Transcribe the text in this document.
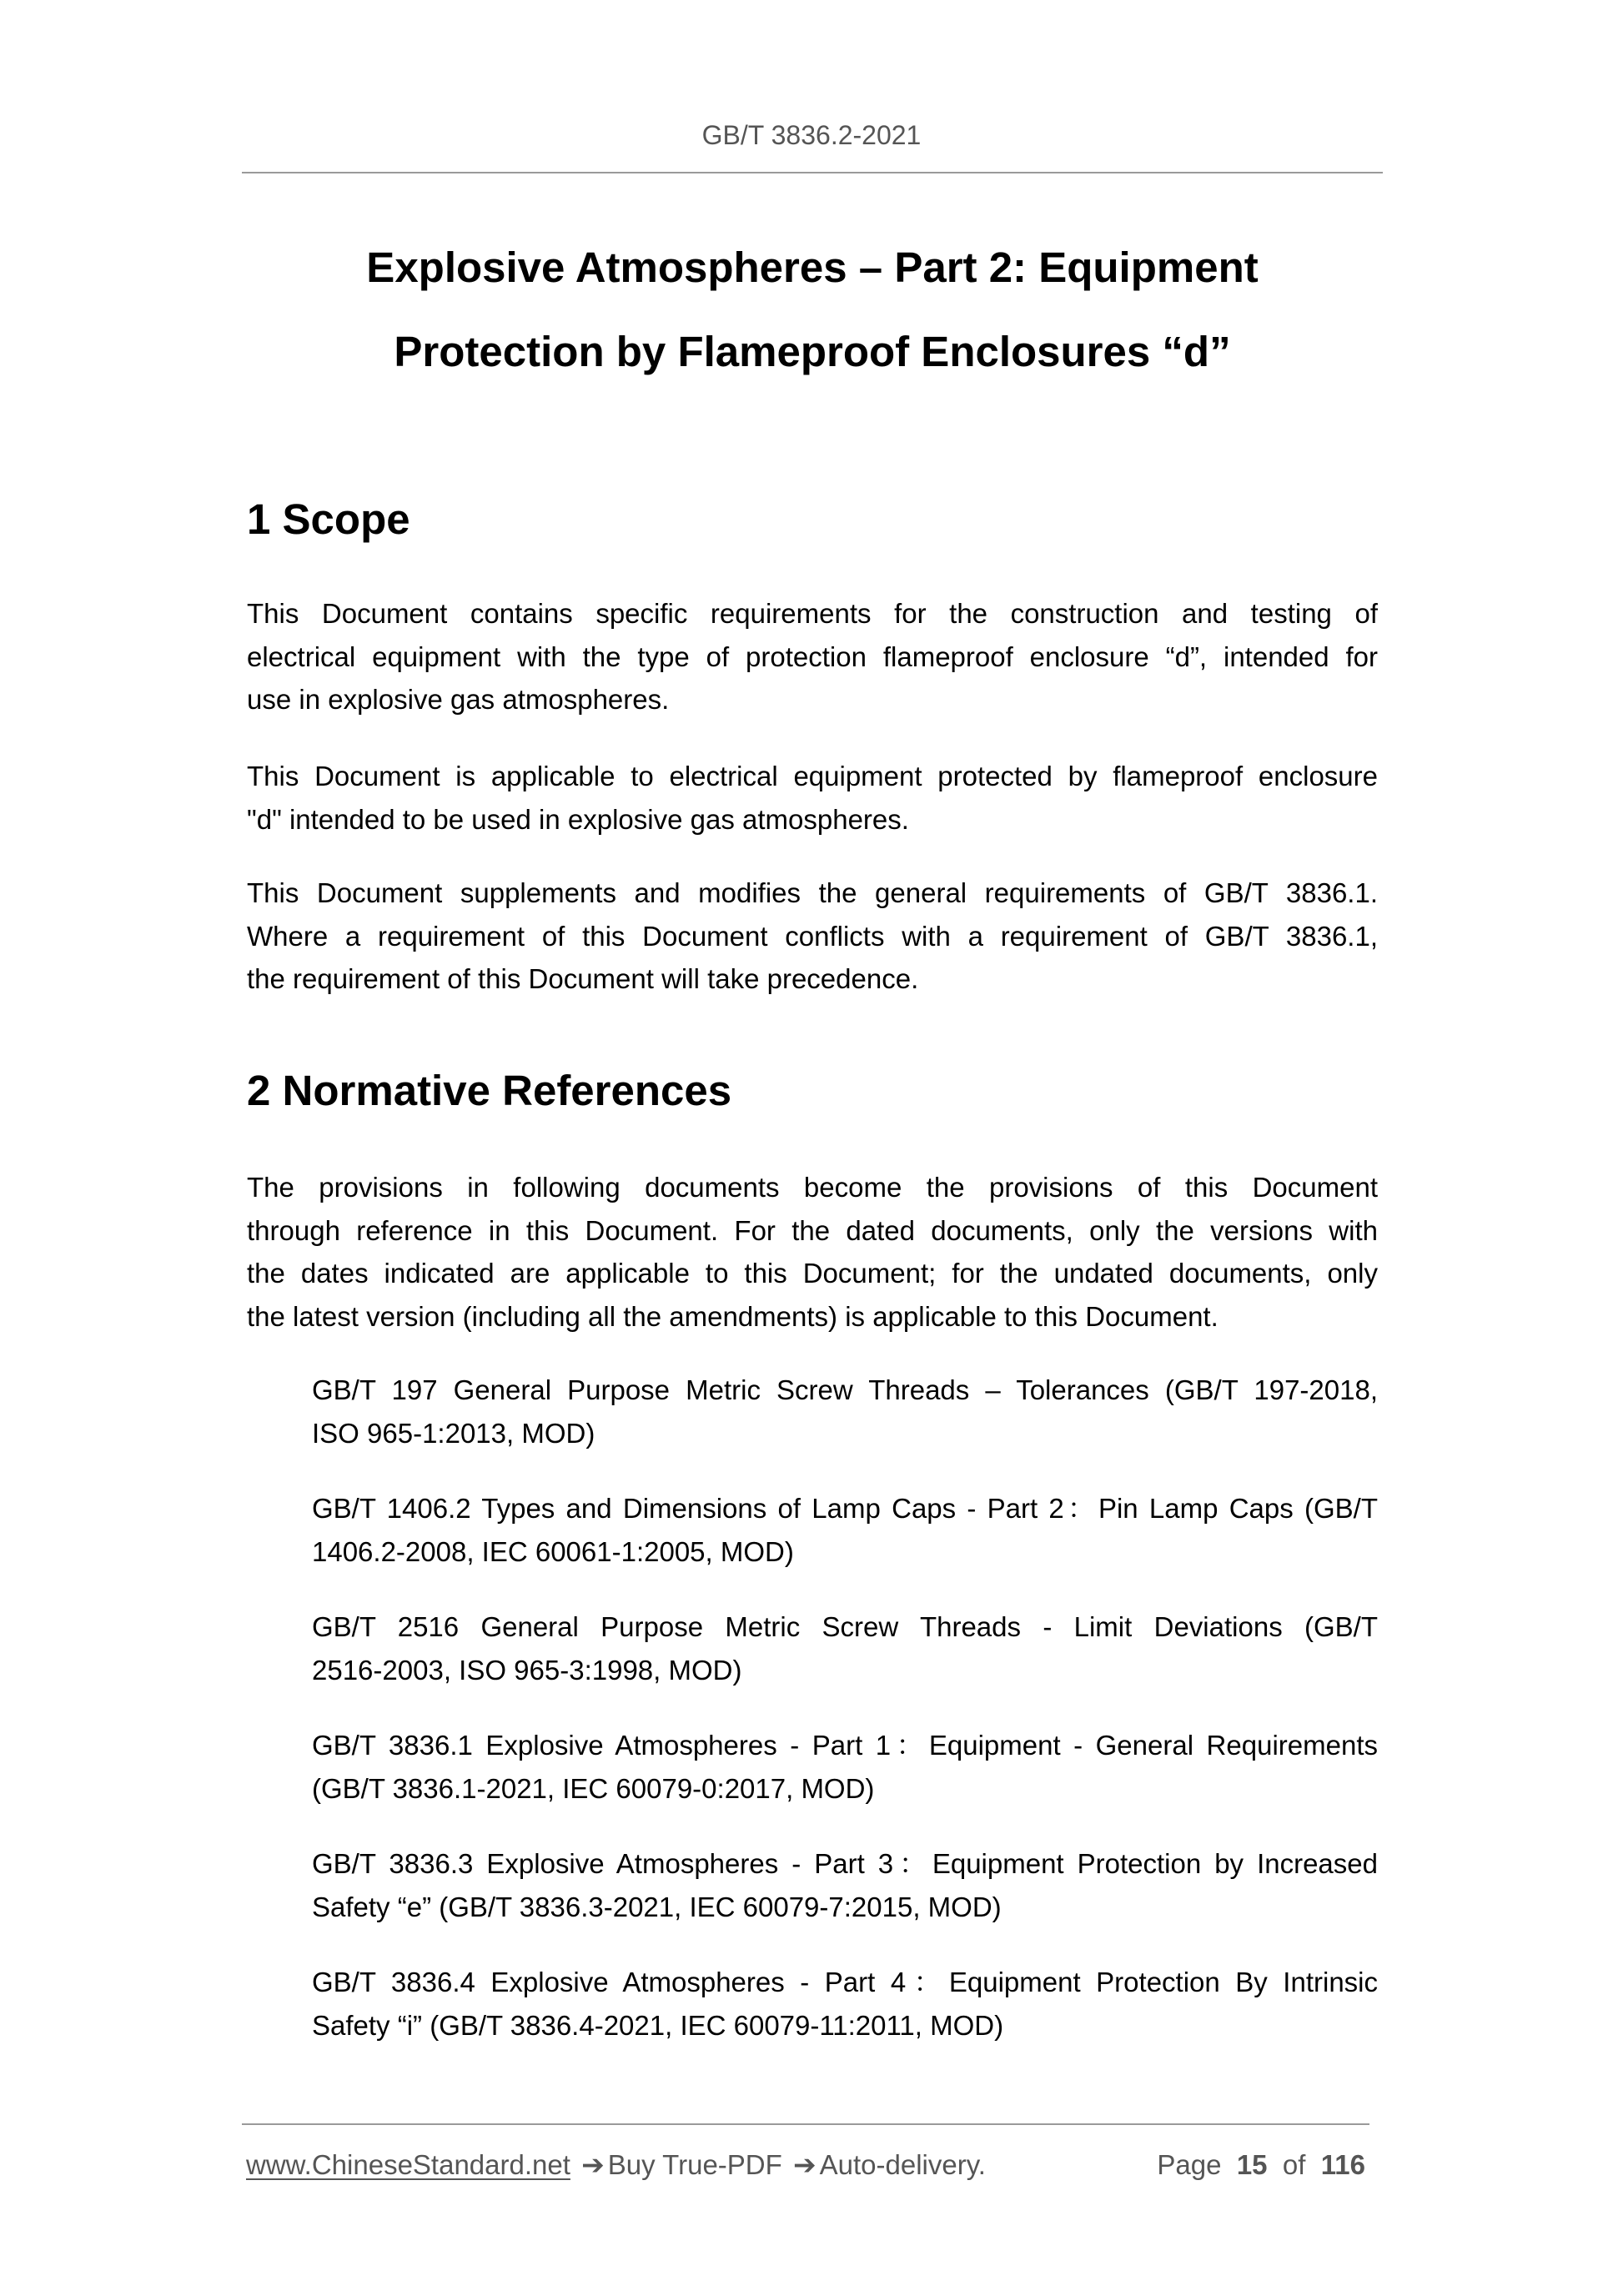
GB/T 3836.2-2021
Explosive Atmospheres – Part 2: Equipment
Protection by Flameproof Enclosures “d”
1 Scope

This Document contains specific requirements for the construction and testing of
electrical equipment with the type of protection flameproof enclosure “d”, intended for
use in explosive gas atmospheres.

This Document is applicable to electrical equipment protected by flameproof enclosure
"d" intended to be used in explosive gas atmospheres.

This Document supplements and modifies the general requirements of GB/T 3836.1.
Where a requirement of this Document conflicts with a requirement of GB/T 3836.1,
the requirement of this Document will take precedence.

2 Normative References

The provisions in following documents become the provisions of this Document
through reference in this Document. For the dated documents, only the versions with
the dates indicated are applicable to this Document; for the undated documents, only
the latest version (including all the amendments) is applicable to this Document.

GB/T 197 General Purpose Metric Screw Threads – Tolerances (GB/T 197-2018,
ISO 965-1:2013, MOD)

GB/T 1406.2 Types and Dimensions of Lamp Caps - Part 2：Pin Lamp Caps (GB/T
1406.2-2008, IEC 60061-1:2005, MOD)

GB/T 2516 General Purpose Metric Screw Threads - Limit Deviations (GB/T
2516-2003, ISO 965-3:1998, MOD)

GB/T 3836.1 Explosive Atmospheres - Part 1：Equipment - General Requirements
(GB/T 3836.1-2021, IEC 60079-0:2017, MOD)

GB/T 3836.3 Explosive Atmospheres - Part 3：Equipment Protection by Increased
Safety “e” (GB/T 3836.3-2021, IEC 60079-7:2015, MOD)

GB/T 3836.4 Explosive Atmospheres - Part 4：Equipment Protection By Intrinsic
Safety “i” (GB/T 3836.4-2021, IEC 60079-11:2011, MOD)

www.ChineseStandard.net ➔ Buy True-PDF ➔ Auto-delivery.	Page 15 of 116
